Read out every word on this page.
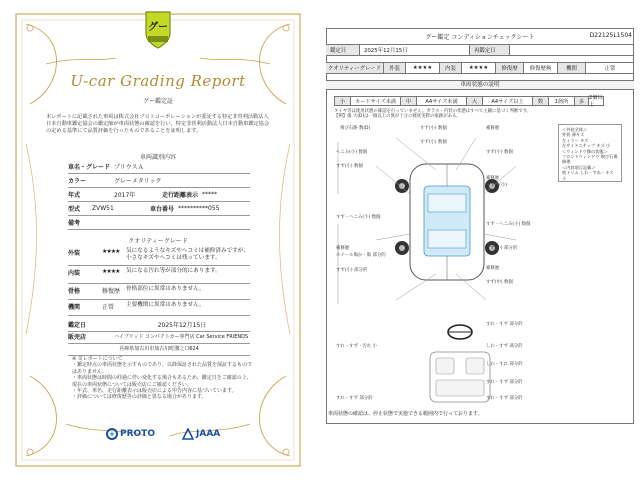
グー
U-car Grading Report
グー鑑定証
本レポートに記載された車両は株式会社プロトコーポレーションが委託する特定非営利活動法人日本自動車鑑定協会の鑑定師が車両状態の確認を行い、特定非営利活動法人日本自動車鑑定協会の定める基準にて品質評価を行ったものであることを証明します。
車両識別内容
車名・グレード プリウスＡ
カラー	グレーメタリック
年式	2017年	走行距離表示 *****
型式	ZVW51	車台番号 **********055
備考
クオリティーグレード
外装	★★★★	気になるようなキズやヘコミは補修済みですが、小さなキズやヘコミは残っています。
内装	★★★★	気になる汚れ等が部分的にあります。
骨格	修復歴	骨格部位に異常はありません。
機関	正常	主要機関に異常はありません。
鑑定日	2025年12月15日
販売店	ハイブリッド コンパクトカー専門店 Car Service FRIENDS
兵庫県加古川市加古川町溝之口624
※ 気レポートについて
・鑑定時点の車両状態を示すものであり、以降保証された品質を保証するものではありません。
・車両状態は時間の経過に伴い変化する場合もあるため、鑑定日をご確認の上、現在の車両状態については販売店にご確認ください。
・年式、車名、走行距離表示は販売店による申告内容に基づいています。
・評価については修復歴等の評価と異なる場合があります。
PROTO	JAAA
グー鑑定 コンディションチェックシート	D22125L1504
鑑定日	2025年12月15日	再鑑定日
クオリティーグレード	外装	★★★★	内装	★★★★	修復歴	修復歴無	機関	正常
車両状態の説明
小	カードサイズ未満	中	A4サイズ未満	大	A4サイズ以上	数	1箇所	多
2個以上
タイヤ等は使用状態の確認を行っていません。ガラス・内装の状態はすべて主観に基づく判断です。
【例】傷 大(D)は一個以上の異が十分に軽度実際の痕跡がある。
飛び石跡 数(D)	すず(小) 数個	補修歴
すず(小) 数個
すず(小) 数個
へこみ(小) 数個
すず(小) 数個
補修歴
ひずみ(小)
すず・へこみ(小) 数個
すず・へこみ(小) 数個
補修歴
ホイール傷か・傷 部分的
すず(小) 部分的
すず(小) 部分的	補修歴
すず(中) 数個
すれ・すず 部分的
しわ・すず 部分的
すれ・すず・汚れ 小
しわ・すれ 部分的
すれ・すず 部分的
すれ・すず 部分的
すれ・すず 部分的
＜外装全体＞
外装 薄キズ
左ミラー キズ
左サイドステップ キズ 小
＜ウィンドウ類の状態＞
フロントウィンドウ 飛び石傷 修理
＜内装項目記載＞
底トリム しわ・すれ・キズ 小
車両状態の確認は、停止状態で実施できる範囲内で行っております。
